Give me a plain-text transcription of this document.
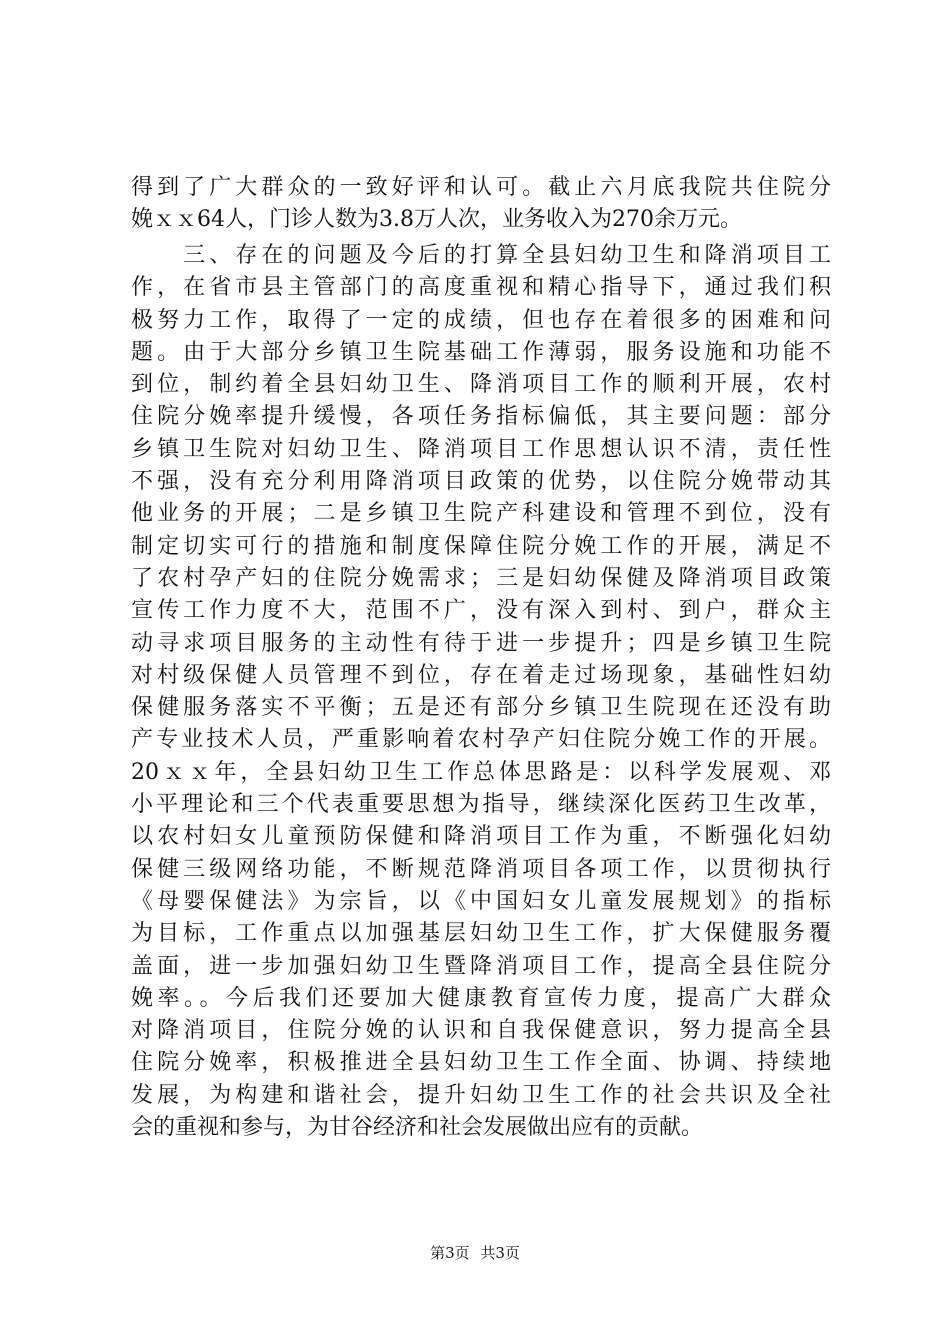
得到了广大群众的一致好评和认可。截止六月底我院共住院分
娩ｘｘ64人，门诊人数为3.8万人次，业务收入为270余万元。
　　三、存在的问题及今后的打算全县妇幼卫生和降消项目工
作，在省市县主管部门的高度重视和精心指导下，通过我们积
极努力工作，取得了一定的成绩，但也存在着很多的困难和问
题。由于大部分乡镇卫生院基础工作薄弱，服务设施和功能不
到位，制约着全县妇幼卫生、降消项目工作的顺利开展，农村
住院分娩率提升缓慢，各项任务指标偏低，其主要问题：部分
乡镇卫生院对妇幼卫生、降消项目工作思想认识不清，责任性
不强，没有充分利用降消项目政策的优势，以住院分娩带动其
他业务的开展；二是乡镇卫生院产科建设和管理不到位，没有
制定切实可行的措施和制度保障住院分娩工作的开展，满足不
了农村孕产妇的住院分娩需求；三是妇幼保健及降消项目政策
宣传工作力度不大，范围不广，没有深入到村、到户，群众主
动寻求项目服务的主动性有待于进一步提升；四是乡镇卫生院
对村级保健人员管理不到位，存在着走过场现象，基础性妇幼
保健服务落实不平衡；五是还有部分乡镇卫生院现在还没有助
产专业技术人员，严重影响着农村孕产妇住院分娩工作的开展。
20ｘｘ年，全县妇幼卫生工作总体思路是：以科学发展观、邓
小平理论和三个代表重要思想为指导，继续深化医药卫生改革，
以农村妇女儿童预防保健和降消项目工作为重，不断强化妇幼
保健三级网络功能，不断规范降消项目各项工作，以贯彻执行
《母婴保健法》为宗旨，以《中国妇女儿童发展规划》的指标
为目标，工作重点以加强基层妇幼卫生工作，扩大保健服务覆
盖面，进一步加强妇幼卫生暨降消项目工作，提高全县住院分
娩率。。今后我们还要加大健康教育宣传力度，提高广大群众
对降消项目，住院分娩的认识和自我保健意识，努力提高全县
住院分娩率，积极推进全县妇幼卫生工作全面、协调、持续地
发展，为构建和谐社会，提升妇幼卫生工作的社会共识及全社
会的重视和参与，为甘谷经济和社会发展做出应有的贡献。
第3页 共3页
